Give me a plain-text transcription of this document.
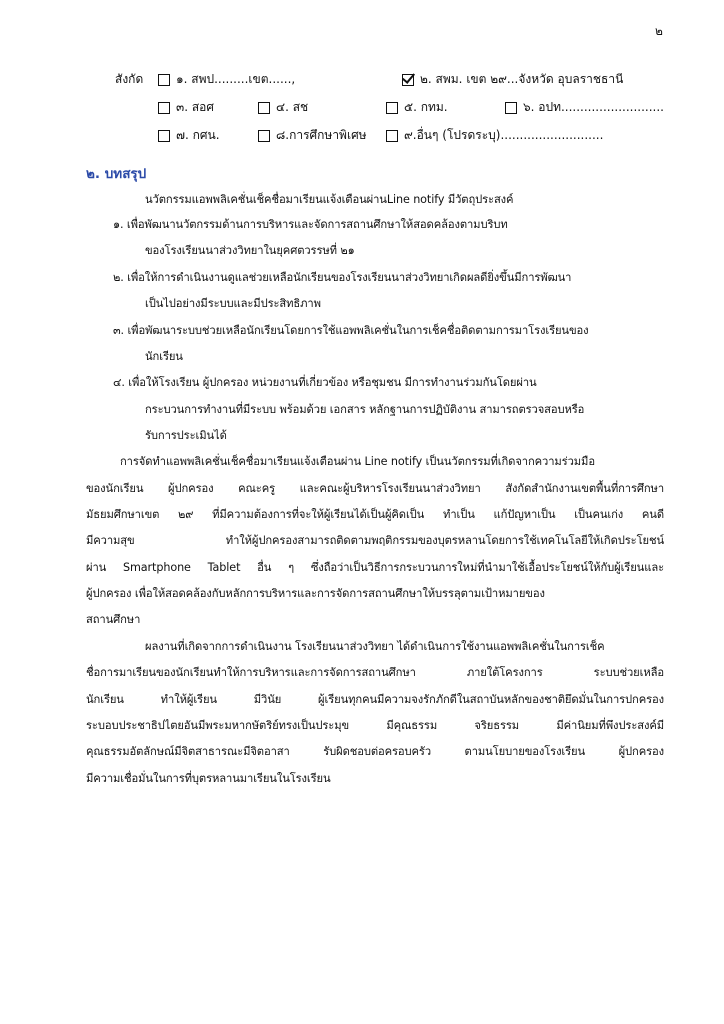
๒
สังกัด	๑. สพป.........เขต......,	๒. สพม. เขต ๒๙...จังหวัด อุบลราชธานี
๓. สอศ	๔. สช	๕. กทม.	๖. อปท...........................
๗. กศน.	๘.การศึกษาพิเศษ	๙.อื่นๆ (โปรดระบุ)...........................
๒. บทสรุป
นวัตกรรมแอพพลิเคชั่นเช็คชื่อมาเรียนแจ้งเตือนผ่านLine notify มีวัตถุประสงค์
๑. เพื่อพัฒนานวัตกรรมด้านการบริหารและจัดการสถานศึกษาให้สอดคล้องตามบริบท
ของโรงเรียนนาส่วงวิทยาในยุคศตวรรษที่ ๒๑
๒. เพื่อให้การดำเนินงานดูแลช่วยเหลือนักเรียนของโรงเรียนนาส่วงวิทยาเกิดผลดียิ่งขึ้นมีการพัฒนา
เป็นไปอย่างมีระบบและมีประสิทธิภาพ
๓. เพื่อพัฒนาระบบช่วยเหลือนักเรียนโดยการใช้แอพพลิเคชั่นในการเช็คชื่อติดตามการมาโรงเรียนของ
นักเรียน
๔. เพื่อให้โรงเรียน ผู้ปกครอง หน่วยงานที่เกี่ยวข้อง หรือชุมชน มีการทำงานร่วมกันโดยผ่าน
กระบวนการทำงานที่มีระบบ พร้อมด้วย เอกสาร หลักฐานการปฏิบัติงาน สามารถตรวจสอบหรือ
รับการประเมินได้
การจัดทำแอพพลิเคชั่นเช็คชื่อมาเรียนแจ้งเตือนผ่าน Line notify เป็นนวัตกรรมที่เกิดจากความร่วมมือ
ของนักเรียน ผู้ปกครอง คณะครู และคณะผู้บริหารโรงเรียนนาส่วงวิทยา สังกัดสำนักงานเขตพื้นที่การศึกษา
มัธยมศึกษาเขต ๒๙ ที่มีความต้องการที่จะให้ผู้เรียนได้เป็นผู้คิดเป็น ทำเป็น แก้ปัญหาเป็น เป็นคนเก่ง คนดี
มีความสุข ทำให้ผู้ปกครองสามารถติดตามพฤติกรรมของบุตรหลานโดยการใช้เทคโนโลยีให้เกิดประโยชน์
ผ่าน Smartphone Tablet อื่น ๆ ซึ่งถือว่าเป็นวิธีการกระบวนการใหม่ที่นำมาใช้เอื้อประโยชน์ให้กับผู้เรียนและ
ผู้ปกครอง เพื่อให้สอดคล้องกับหลักการบริหารและการจัดการสถานศึกษาให้บรรลุตามเป้าหมายของ
สถานศึกษา
ผลงานที่เกิดจากการดำเนินงาน โรงเรียนนาส่วงวิทยา ได้ดำเนินการใช้งานแอพพลิเคชั่นในการเช็ค
ชื่อการมาเรียนของนักเรียนทำให้การบริหารและการจัดการสถานศึกษา ภายใต้โครงการ ระบบช่วยเหลือ
นักเรียน ทำให้ผู้เรียน มีวินัย ผู้เรียนทุกคนมีความจงรักภักดีในสถาบันหลักของชาติยึดมั่นในการปกครอง
ระบอบประชาธิปไตยอันมีพระมหากษัตริย์ทรงเป็นประมุข มีคุณธรรม จริยธรรม มีค่านิยมที่พึงประสงค์มี
คุณธรรมอัตลักษณ์มีจิตสาธารณะมีจิตอาสา รับผิดชอบต่อครอบครัว ตามนโยบายของโรงเรียน ผู้ปกครอง
มีความเชื่อมั่นในการที่บุตรหลานมาเรียนในโรงเรียน
